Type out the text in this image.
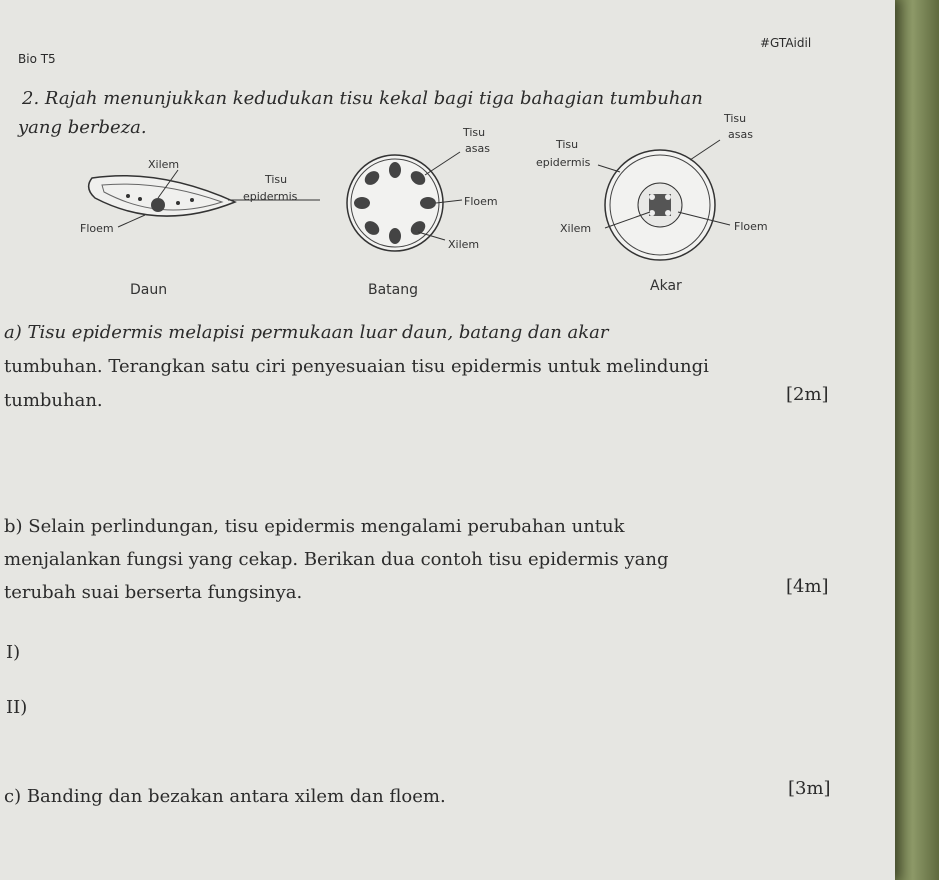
Bio T5
#GTAidil
2. Rajah menunjukkan kedudukan tisu kekal bagi tiga bahagian tumbuhan
yang berbeza.
Xilem
Floem
Tisu
epidermis
Tisu
asas
Floem
Xilem
Tisu
asas
Tisu
epidermis
Xilem	Floem
Daun	Batang	Akar
a) Tisu epidermis melapisi permukaan luar daun, batang dan akar
tumbuhan. Terangkan satu ciri penyesuaian tisu epidermis untuk melindungi
tumbuhan.	[2m]
b) Selain perlindungan, tisu epidermis mengalami perubahan untuk
menjalankan fungsi yang cekap. Berikan dua contoh tisu epidermis yang
terubah suai berserta fungsinya.	[4m]
I)
II)
c) Banding dan bezakan antara xilem dan floem.	[3m]
